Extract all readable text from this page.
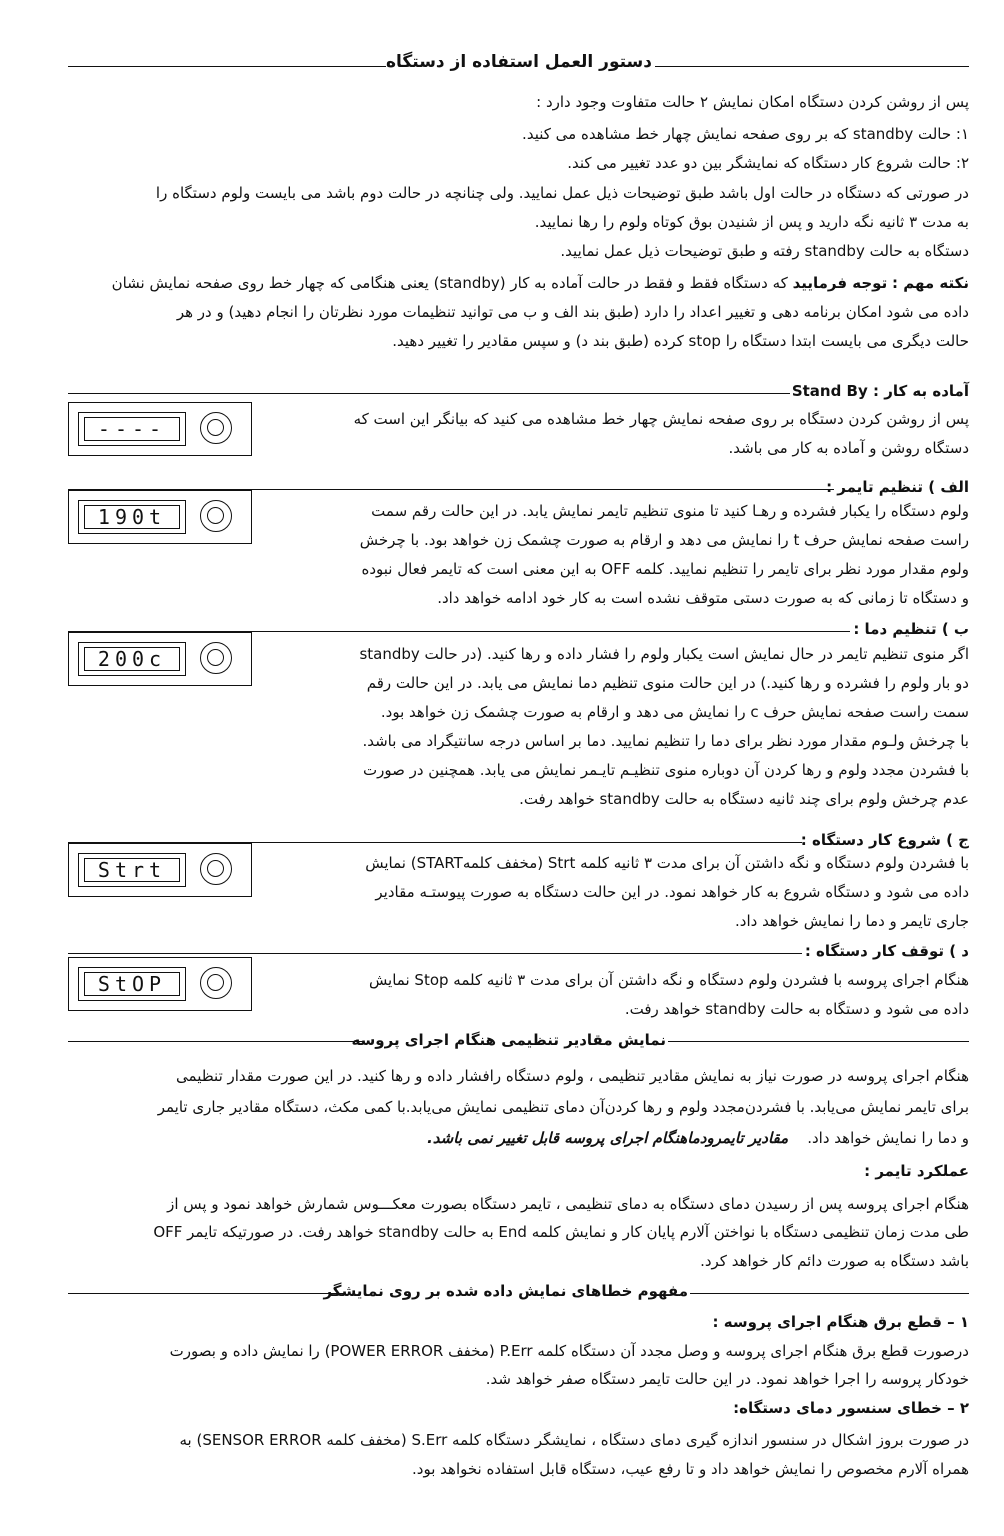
دستور العمل استفاده از دستگاه
پس از روشن کردن دستگاه امکان نمایش ۲ حالت متفاوت وجود دارد :
۱: حالت standby که بر روی صفحه نمایش چهار خط مشاهده می کنید.
۲: حالت شروع کار دستگاه که نمایشگر بین دو عدد تغییر می کند.
در صورتی که دستگاه در حالت اول باشد طبق توضیحات ذیل عمل نمایید. ولی چنانچه در حالت دوم باشد می بایست ولوم دستگاه را
به مدت ۳ ثانیه نگه دارید و پس از شنیدن بوق کوتاه ولوم را رها نمایید.
دستگاه به حالت standby رفته و طبق توضیحات ذیل عمل نمایید.
نکته مهم : توجه فرمایید که دستگاه فقط و فقط در حالت آماده به کار (standby) یعنی هنگامی که چهار خط روی صفحه نمایش نشان
داده می شود امکان برنامه دهی و تغییر اعداد را دارد (طبق بند الف و ب می توانید تنظیمات مورد نظرتان را انجام دهید) و در هر
حالت دیگری می بایست ابتدا دستگاه را stop کرده (طبق بند د) و سپس مقادیر را تغییر دهید.
آماده به کار : Stand By
----	پس از روشن کردن دستگاه بر روی صفحه نمایش چهار خط مشاهده می کنید که بیانگر این است که
دستگاه روشن و آماده به کار می باشد.
الف ) تنظیم تایمر :
190t	ولوم دستگاه را یکبار فشرده و رهـا کنید تا منوی تنظیم تایمر نمایش یابد. در این حالت رقم سمت
راست صفحه نمایش حرف t را نمایش می دهد و ارقام به صورت چشمک زن خواهد بود. با چرخش
ولوم مقدار مورد نظر برای تایمر را تنظیم نمایید. کلمه OFF به این معنی است که تایمر فعال نبوده
و دستگاه تا زمانی که به صورت دستی متوقف نشده است به کار خود ادامه خواهد داد.
ب ) تنظیم دما :
200c	اگر منوی تنظیم تایمر در حال نمایش است یکبار ولوم را فشار داده و رها کنید. (در حالت standby
دو بار ولوم را فشرده و رها کنید.) در این حالت منوی تنظیم دما نمایش می یابد. در این حالت رقم
سمت راست صفحه نمایش حرف c را نمایش می دهد و ارقام به صورت چشمک زن خواهد بود.
با چرخش ولـوم مقدار مورد نظر برای دما را تنظیم نمایید. دما بر اساس درجه سانتیگراد می باشد.
با فشردن مجدد ولوم و رها کردن آن دوباره منوی تنظیـم تایـمر نمایش می یابد. همچنین در صورت
عدم چرخش ولوم برای چند ثانیه دستگاه به حالت standby خواهد رفت.
ج ) شروع کار دستگاه :
Strt	با فشردن ولوم دستگاه و نگه داشتن آن برای مدت ۳ ثانیه کلمه Strt (مخفف کلمهSTART) نمایش
داده می شود و دستگاه شروع به کار خواهد نمود. در این حالت دستگاه به صورت پیوستـه مقادیر
جاری تایمر و دما را نمایش خواهد داد.
د ) توقف کار دستگاه :
StOP	هنگام اجرای پروسه با فشردن ولوم دستگاه و نگه داشتن آن برای مدت ۳ ثانیه کلمه Stop نمایش
داده می شود و دستگاه به حالت standby خواهد رفت.
نمایش مقادیر تنظیمی هنگام اجرای پروسه
هنگام اجرای پروسه در صورت نیاز به نمایش مقادیر تنظیمی ، ولوم دستگاه رافشار داده و رها کنید. در این صورت مقدار تنظیمی
برای تایمر نمایش می‌یابد. با فشردن‌مجدد ولوم و رها کردن‌آن دمای تنظیمی نمایش می‌یابد.با کمی مکث، دستگاه مقادیر جاری تایمر
و دما را نمایش خواهد داد.    مقادیر تایمرودماهنگام اجرای پروسه قابل تغییر نمی باشد.
عملکرد تایمر :
هنگام اجرای پروسه پس از رسیدن دمای دستگاه به دمای تنظیمی ، تایمر دستگاه بصورت معکـــوس شمارش خواهد نمود و پس از
طی مدت زمان تنظیمی دستگاه با نواختن آلارم پایان کار و نمایش کلمه End به حالت standby خواهد رفت. در صورتیکه تایمر OFF
باشد دستگاه به صورت دائم کار خواهد کرد.
مفهوم خطاهای نمایش داده شده بر روی نمایشگر
۱ – قطع برق هنگام اجرای پروسه :
درصورت قطع برق هنگام اجرای پروسه و وصل مجدد آن دستگاه کلمه P.Err (مخفف POWER ERROR) را نمایش داده و بصورت
خودکار پروسه را اجرا خواهد نمود. در این حالت تایمر دستگاه صفر خواهد شد.
۲ – خطای سنسور دمای دستگاه:
در صورت بروز اشکال در سنسور اندازه گیری دمای دستگاه ، نمایشگر دستگاه کلمه S.Err (مخفف کلمه SENSOR ERROR) به
همراه آلارم مخصوص را نمایش خواهد داد و تا رفع عیب، دستگاه قابل استفاده نخواهد بود.
